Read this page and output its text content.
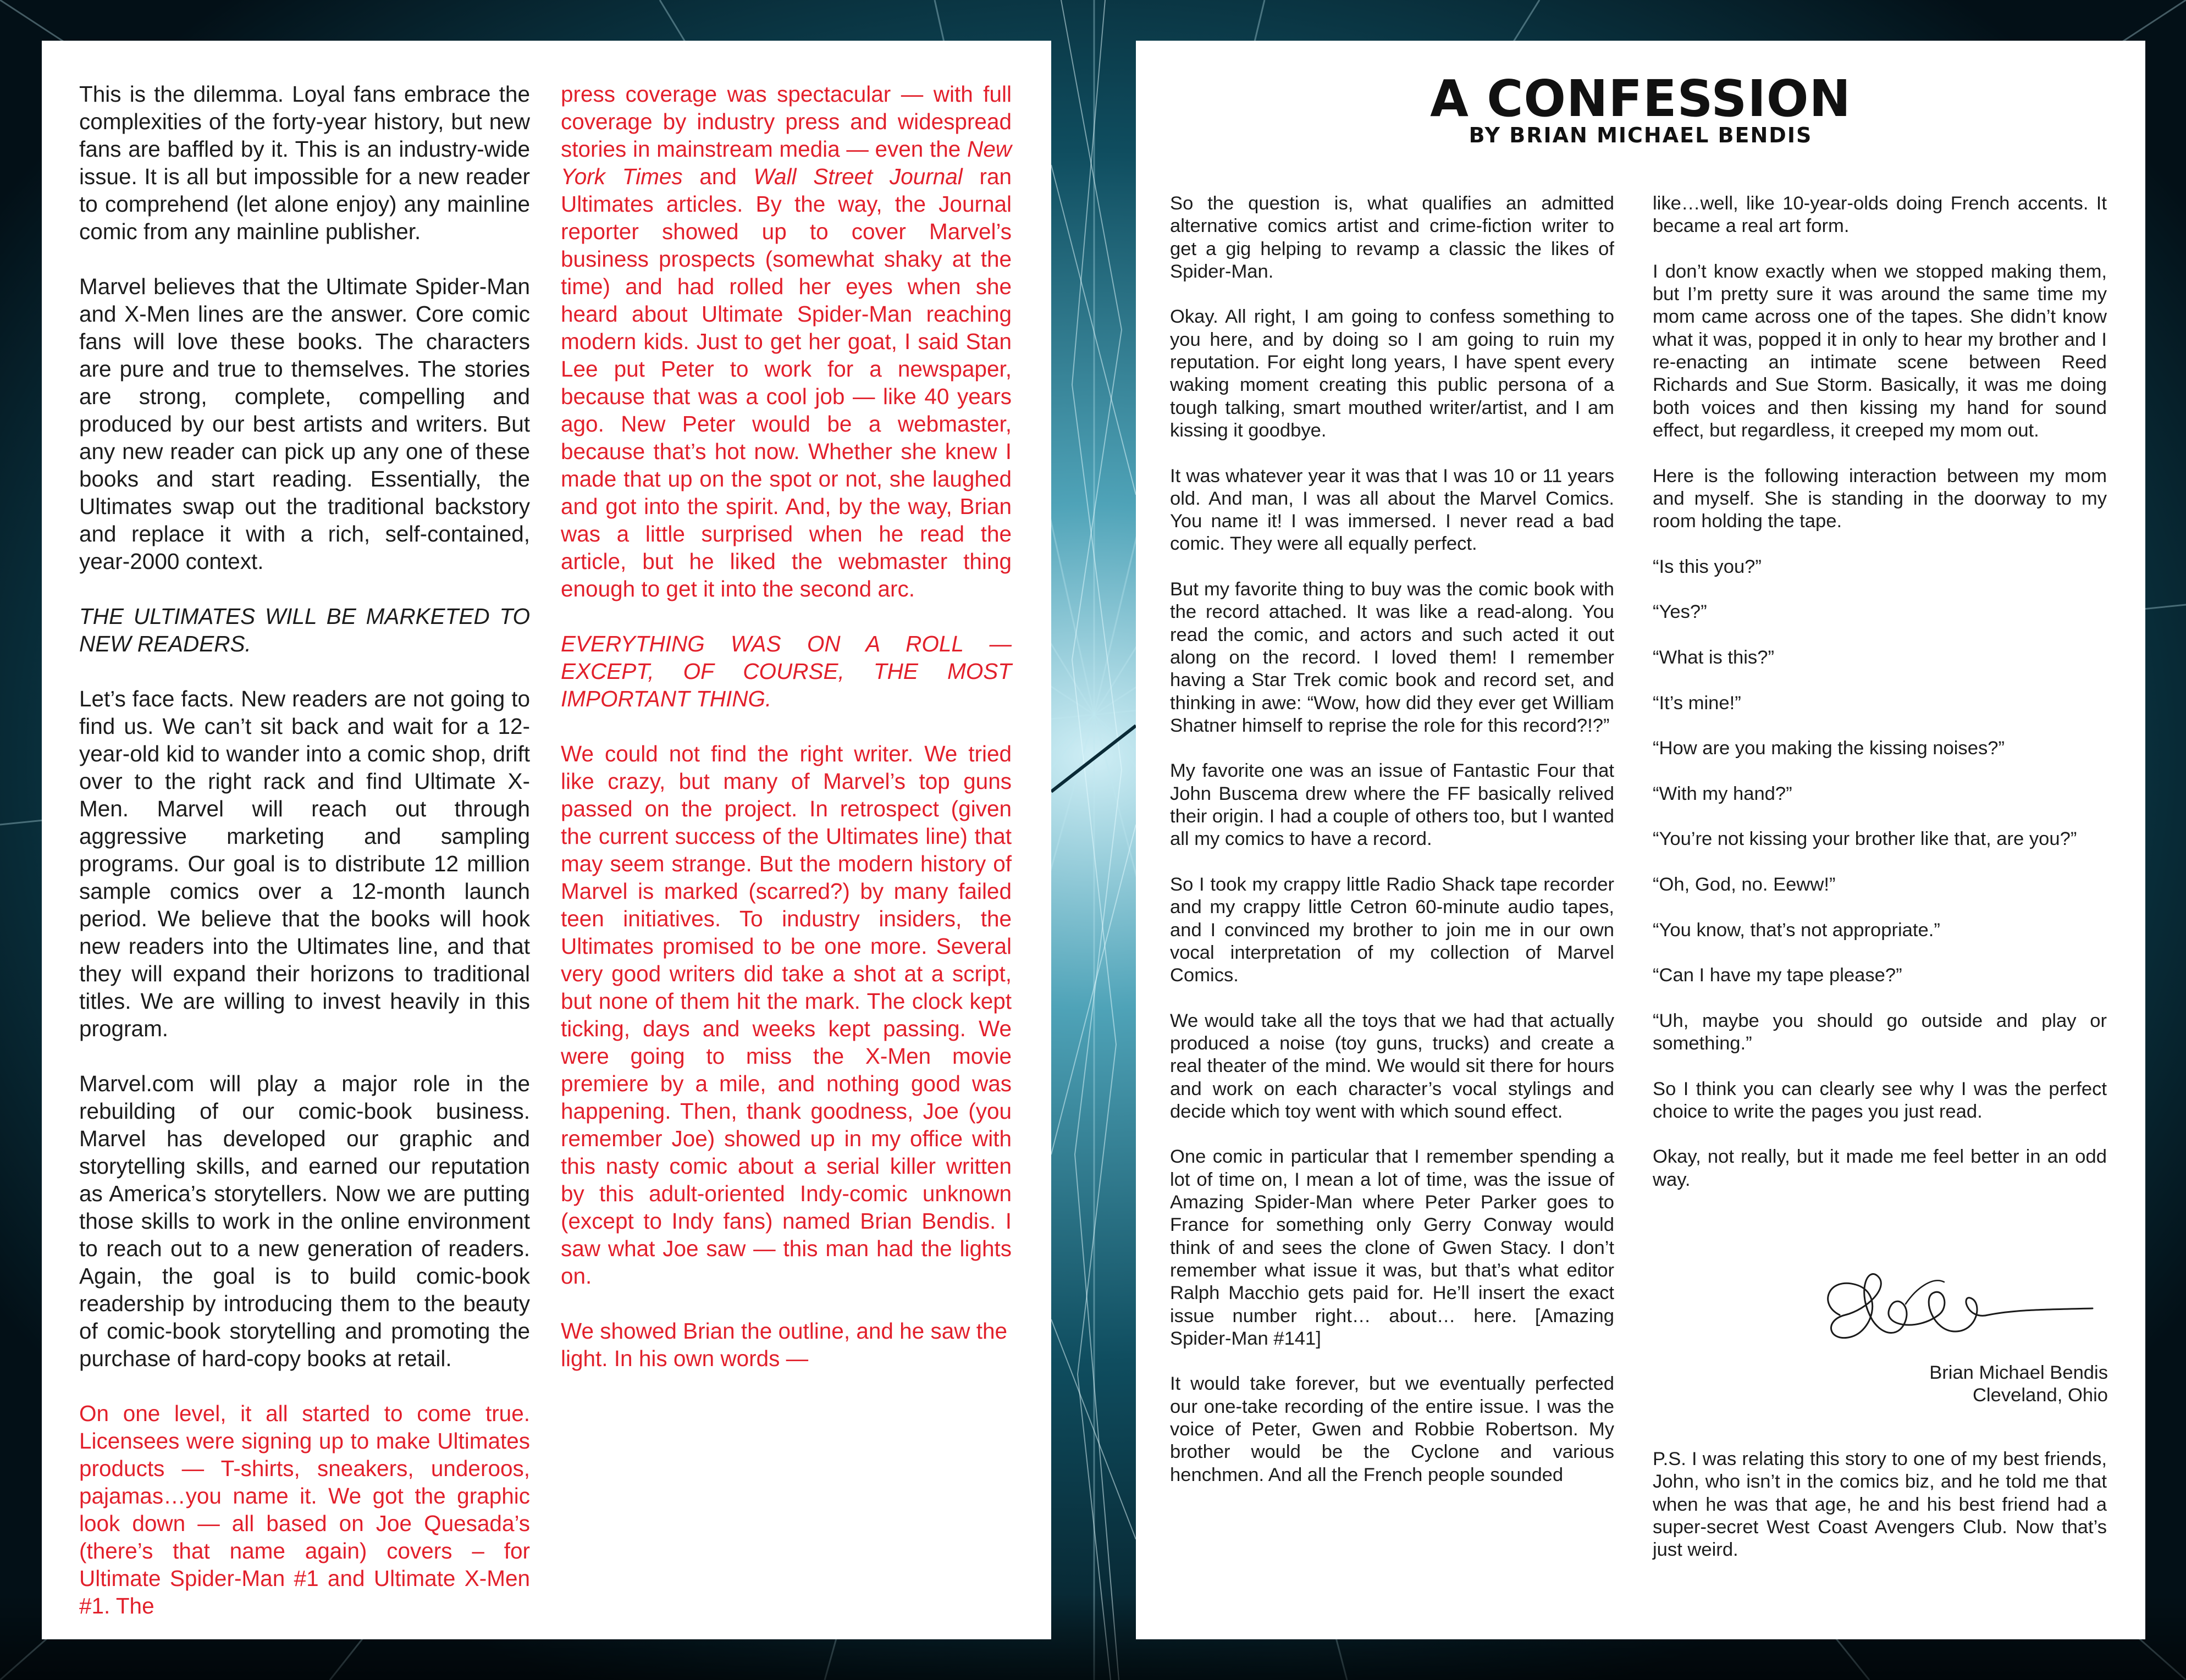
This is the dilemma. Loyal fans embrace the complexities of the forty-year history, but new fans are baffled by it. This is an industry-wide issue. It is all but impossible for a new reader to comprehend (let alone enjoy) any mainline comic from any mainline publisher.

Marvel believes that the Ultimate Spider-Man and X-Men lines are the answer. Core comic fans will love these books. The characters are pure and true to themselves. The stories are strong, complete, compelling and produced by our best artists and writers. But any new reader can pick up any one of these books and start reading. Essentially, the Ultimates swap out the traditional backstory and replace it with a rich, self-contained, year-2000 context.

THE ULTIMATES WILL BE MARKETED TO NEW READERS.

Let’s face facts. New readers are not going to find us. We can’t sit back and wait for a 12-year-old kid to wander into a comic shop, drift over to the right rack and find Ultimate X-Men. Marvel will reach out through aggressive marketing and sampling programs. Our goal is to distribute 12 million sample comics over a 12-month launch period. We believe that the books will hook new readers into the Ultimates line, and that they will expand their horizons to traditional titles. We are willing to invest heavily in this program.

Marvel.com will play a major role in the rebuilding of our comic-book business. Marvel has developed our graphic and storytelling skills, and earned our reputation as America’s storytellers. Now we are putting those skills to work in the online environment to reach out to a new generation of readers. Again, the goal is to build comic-book readership by introducing them to the beauty of comic-book storytelling and promoting the purchase of hard-copy books at retail.

On one level, it all started to come true. Licensees were signing up to make Ultimates products — T-shirts, sneakers, underoos, pajamas…you name it. We got the graphic look down — all based on Joe Quesada’s (there’s that name again) covers – for Ultimate Spider-Man #1 and Ultimate X-Men #1. The

press coverage was spectacular — with full coverage by industry press and widespread stories in mainstream media — even the New York Times and Wall Street Journal ran Ultimates articles. By the way, the Journal reporter showed up to cover Marvel’s business prospects (somewhat shaky at the time) and had rolled her eyes when she heard about Ultimate Spider-Man reaching modern kids. Just to get her goat, I said Stan Lee put Peter to work for a newspaper, because that was a cool job — like 40 years ago. New Peter would be a webmaster, because that’s hot now. Whether she knew I made that up on the spot or not, she laughed and got into the spirit. And, by the way, Brian was a little surprised when he read the article, but he liked the webmaster thing enough to get it into the second arc.

EVERYTHING WAS ON A ROLL — EXCEPT, OF COURSE, THE MOST IMPORTANT THING.

We could not find the right writer. We tried like crazy, but many of Marvel’s top guns passed on the project. In retrospect (given the current success of the Ultimates line) that may seem strange. But the modern history of Marvel is marked (scarred?) by many failed teen initiatives. To industry insiders, the Ultimates promised to be one more. Several very good writers did take a shot at a script, but none of them hit the mark. The clock kept ticking, days and weeks kept passing. We were going to miss the X-Men movie premiere by a mile, and nothing good was happening. Then, thank goodness, Joe (you remember Joe) showed up in my office with this nasty comic about a serial killer written by this adult-oriented Indy-comic unknown (except to Indy fans) named Brian Bendis. I saw what Joe saw — this man had the lights on.

We showed Brian the outline, and he saw the light. In his own words —

A CONFESSION
BY BRIAN MICHAEL BENDIS

So the question is, what qualifies an admitted alternative comics artist and crime-fiction writer to get a gig helping to revamp a classic the likes of Spider-Man.

Okay. All right, I am going to confess something to you here, and by doing so I am going to ruin my reputation. For eight long years, I have spent every waking moment creating this public persona of a tough talking, smart mouthed writer/artist, and I am kissing it goodbye.

It was whatever year it was that I was 10 or 11 years old. And man, I was all about the Marvel Comics. You name it! I was immersed. I never read a bad comic. They were all equally perfect.

But my favorite thing to buy was the comic book with the record attached. It was like a read-along. You read the comic, and actors and such acted it out along on the record. I loved them! I remember having a Star Trek comic book and record set, and thinking in awe: “Wow, how did they ever get William Shatner himself to reprise the role for this record?!?”

My favorite one was an issue of Fantastic Four that John Buscema drew where the FF basically relived their origin. I had a couple of others too, but I wanted all my comics to have a record.

So I took my crappy little Radio Shack tape recorder and my crappy little Cetron 60-minute audio tapes, and I convinced my brother to join me in our own vocal interpretation of my collection of Marvel Comics.

We would take all the toys that we had that actually produced a noise (toy guns, trucks) and create a real theater of the mind. We would sit there for hours and work on each character’s vocal stylings and decide which toy went with which sound effect.

One comic in particular that I remember spending a lot of time on, I mean a lot of time, was the issue of Amazing Spider-Man where Peter Parker goes to France for something only Gerry Conway would think of and sees the clone of Gwen Stacy. I don’t remember what issue it was, but that’s what editor Ralph Macchio gets paid for. He’ll insert the exact issue number right… about… here. [Amazing Spider-Man #141]

It would take forever, but we eventually perfected our one-take recording of the entire issue. I was the voice of Peter, Gwen and Robbie Robertson. My brother would be the Cyclone and various henchmen. And all the French people sounded

like…well, like 10-year-olds doing French accents. It became a real art form.

I don’t know exactly when we stopped making them, but I’m pretty sure it was around the same time my mom came across one of the tapes. She didn’t know what it was, popped it in only to hear my brother and I re-enacting an intimate scene between Reed Richards and Sue Storm. Basically, it was me doing both voices and then kissing my hand for sound effect, but regardless, it creeped my mom out.

Here is the following interaction between my mom and myself. She is standing in the doorway to my room holding the tape.

“Is this you?”

“Yes?”

“What is this?”

“It’s mine!”

“How are you making the kissing noises?”

“With my hand?”

“You’re not kissing your brother like that, are you?”

“Oh, God, no. Eeww!”

“You know, that’s not appropriate.”

“Can I have my tape please?”

“Uh, maybe you should go outside and play or something.”

So I think you can clearly see why I was the perfect choice to write the pages you just read.

Okay, not really, but it made me feel better in an odd way.

Brian Michael Bendis
Cleveland, Ohio

P.S. I was relating this story to one of my best friends, John, who isn’t in the comics biz, and he told me that when he was that age, he and his best friend had a super-secret West Coast Avengers Club. Now that’s just weird.
